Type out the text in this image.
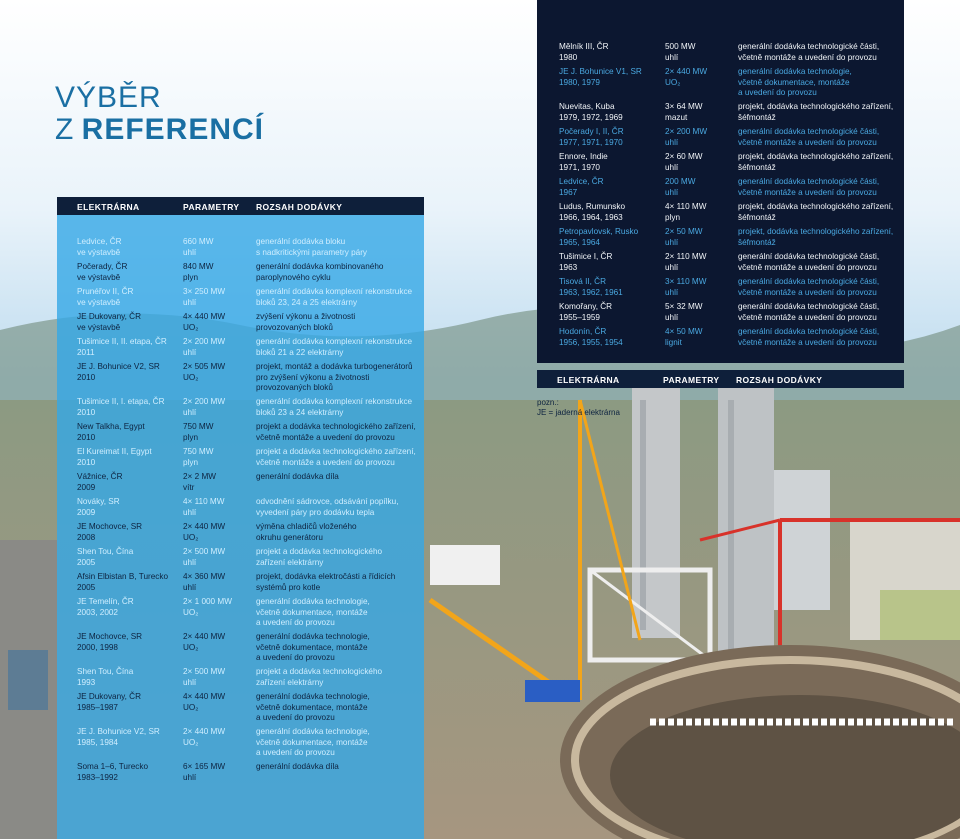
VÝBĚR
Z REFERENCÍ
ELEKTRÁRNA	PARAMETRY ROZSAH DODÁVKY
Ledvice, ČR
ve výstavbě
660 MW
uhlí
generální dodávka bloku
s nadkritickými parametry páry
Počerady, ČR
ve výstavbě
840 MW
plyn
generální dodávka kombinovaného
paroplynového cyklu
Prunéřov II, ČR
ve výstavbě
3× 250 MW
uhlí
generální dodávka komplexní rekonstrukce
bloků 23, 24 a 25 elektrárny
JE Dukovany, ČR
ve výstavbě
4× 440 MW
UO₂
zvýšení výkonu a životnosti
provozovaných bloků
Tušimice II, II. etapa, ČR
2011
2× 200 MW
uhlí
generální dodávka komplexní rekonstrukce
bloků 21 a 22 elektrárny
JE J. Bohunice V2, SR
2010
2× 505 MW
UO₂
projekt, montáž a dodávka turbogenerátorů
pro zvýšení výkonu a životnosti
provozovaných bloků
Tušimice II, I. etapa, ČR
2010
2× 200 MW
uhlí
generální dodávka komplexní rekonstrukce
bloků 23 a 24 elektrárny
New Talkha, Egypt
2010
750 MW
plyn
projekt a dodávka technologického zařízení,
včetně montáže a uvedení do provozu
El Kureimat II, Egypt
2010
750 MW
plyn
projekt a dodávka technologického zařízení,
včetně montáže a uvedení do provozu
Vážnice, ČR
2009
2× 2 MW
vítr
generální dodávka díla
Nováky, SR
2009
4× 110 MW
uhlí
odvodnění sádrovce, odsávání popílku,
vyvedení páry pro dodávku tepla
JE Mochovce, SR
2008
2× 440 MW
UO₂
výměna chladičů vloženého
okruhu generátoru
Shen Tou, Čína
2005
2× 500 MW
uhlí
projekt a dodávka technologického
zařízení elektrárny
Afsin Elbistan B, Turecko
2005
4× 360 MW
uhlí
projekt, dodávka elektročásti a řídicích
systémů pro kotle
JE Temelín, ČR
2003, 2002
2× 1 000 MW
UO₂
generální dodávka technologie,
včetně dokumentace, montáže
a uvedení do provozu
JE Mochovce, SR
2000, 1998
2× 440 MW
UO₂
generální dodávka technologie,
včetně dokumentace, montáže
a uvedení do provozu
Shen Tou, Čína
1993
2× 500 MW
uhlí
projekt a dodávka technologického
zařízení elektrárny
JE Dukovany, ČR
1985–1987
4× 440 MW
UO₂
generální dodávka technologie,
včetně dokumentace, montáže
a uvedení do provozu
JE J. Bohunice V2, SR
1985, 1984
2× 440 MW
UO₂
generální dodávka technologie,
včetně dokumentace, montáže
a uvedení do provozu
Soma 1–6, Turecko
1983–1992
6× 165 MW
uhlí
generální dodávka díla
Mělník III, ČR
1980
500 MW
uhlí
generální dodávka technologické části,
včetně montáže a uvedení do provozu
JE J. Bohunice V1, SR
1980, 1979
2× 440 MW
UO₂
generální dodávka technologie,
včetně dokumentace, montáže
a uvedení do provozu
Nuevitas, Kuba
1979, 1972, 1969
3× 64 MW
mazut
projekt, dodávka technologického zařízení,
šéfmontáž
Počerady I, II, ČR
1977, 1971, 1970
2× 200 MW
uhlí
generální dodávka technologické části,
včetně montáže a uvedení do provozu
Ennore, Indie
1971, 1970
2× 60 MW
uhlí
projekt, dodávka technologického zařízení,
šéfmontáž
Ledvice, ČR
1967
200 MW
uhlí
generální dodávka technologické části,
včetně montáže a uvedení do provozu
Ludus, Rumunsko
1966, 1964, 1963
4× 110 MW
plyn
projekt, dodávka technologického zařízení,
šéfmontáž
Petropavlovsk, Rusko
1965, 1964
2× 50 MW
uhlí
projekt, dodávka technologického zařízení,
šéfmontáž
Tušimice I, ČR
1963
2× 110 MW
uhlí
generální dodávka technologické části,
včetně montáže a uvedení do provozu
Tisová II, ČR
1963, 1962, 1961
3× 110 MW
uhlí
generální dodávka technologické části,
včetně montáže a uvedení do provozu
Komořany, ČR
1955–1959
5× 32 MW
uhlí
generální dodávka technologické části,
včetně montáže a uvedení do provozu
Hodonín, ČR
1956, 1955, 1954
4× 50 MW
lignit
generální dodávka technologické části,
včetně montáže a uvedení do provozu
ELEKTRÁRNA	PARAMETRY ROZSAH DODÁVKY
pozn.:
JE = jaderná elektrárna
